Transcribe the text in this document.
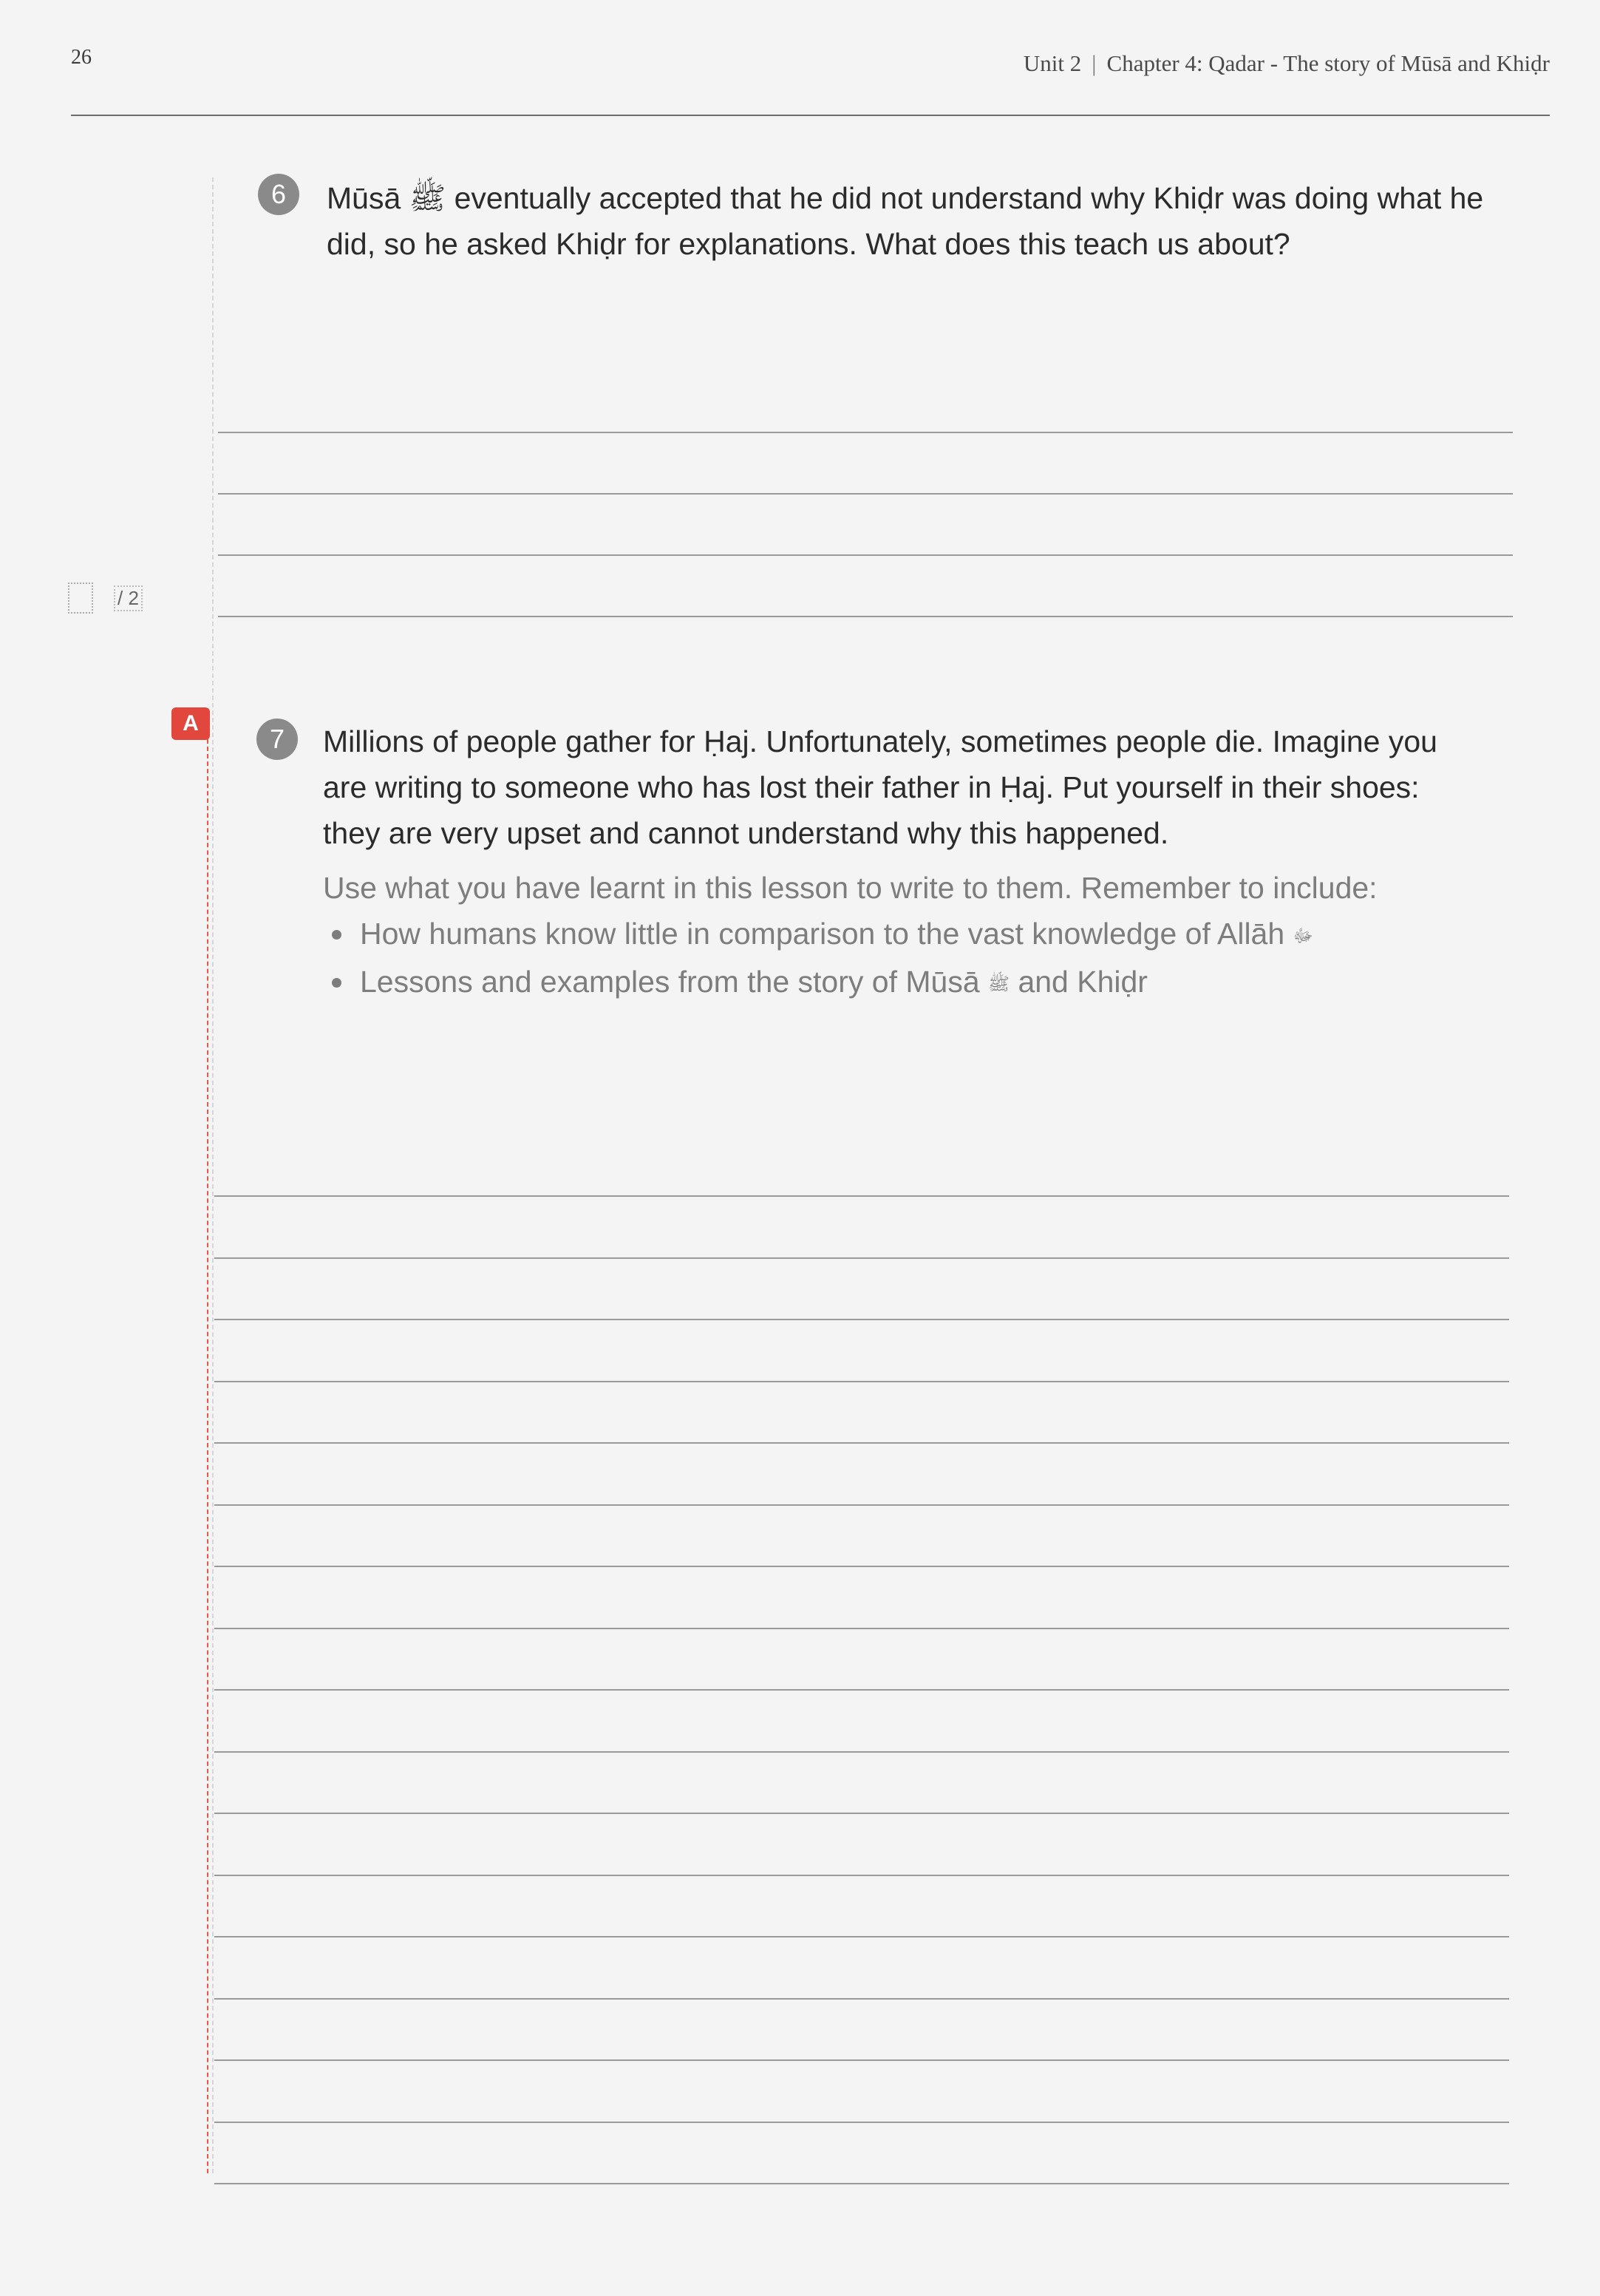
26	Unit 2 | Chapter 4: Qadar - The story of Mūsā and Khiḍr
/ 2
A
6	Mūsā ﷺ eventually accepted that he did not understand why Khiḍr was doing what he did, so he asked Khiḍr for explanations. What does this teach us about?
7	Millions of people gather for Ḥaj. Unfortunately, sometimes people die. Imagine you are writing to someone who has lost their father in Ḥaj. Put yourself in their shoes: they are very upset and cannot understand why this happened.
Use what you have learnt in this lesson to write to them. Remember to include:
How humans know little in comparison to the vast knowledge of Allāh ﷻ
Lessons and examples from the story of Mūsā ﷺ and Khiḍr
